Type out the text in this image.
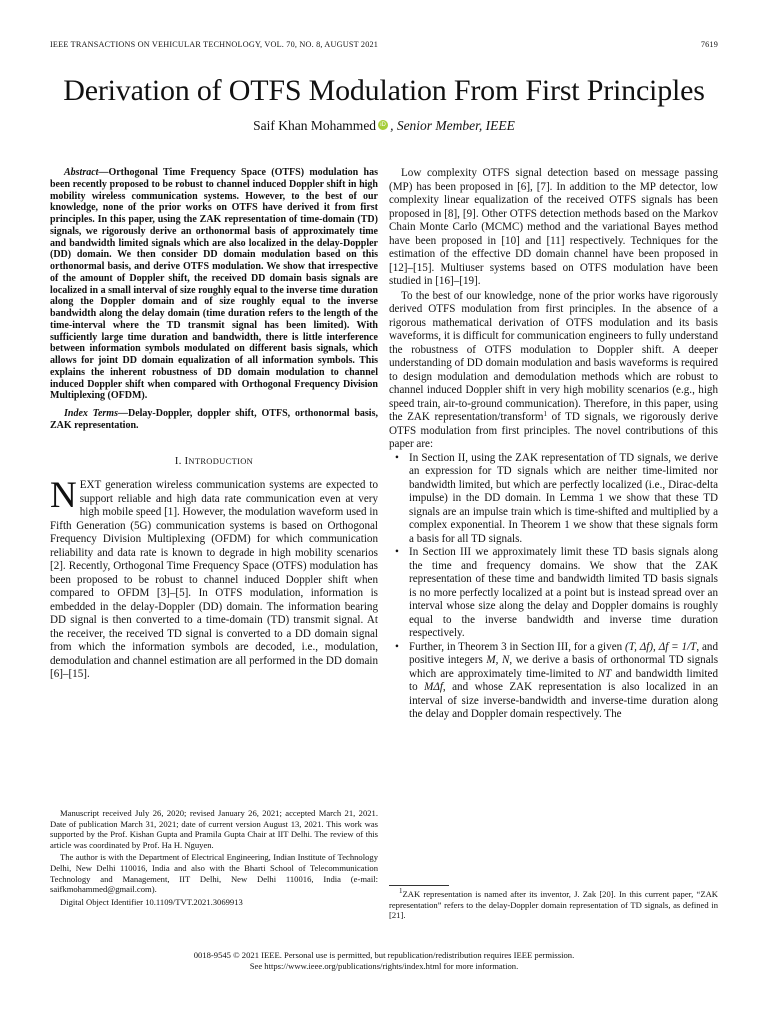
IEEE TRANSACTIONS ON VEHICULAR TECHNOLOGY, VOL. 70, NO. 8, AUGUST 2021	7619
Derivation of OTFS Modulation From First Principles
Saif Khan Mohammed iD , Senior Member, IEEE

Abstract—Orthogonal Time Frequency Space (OTFS) modulation has been recently proposed to be robust to channel induced Doppler shift in high mobility wireless communication systems. However, to the best of our knowledge, none of the prior works on OTFS have derived it from first principles. In this paper, using the ZAK representation of time-domain (TD) signals, we rigorously derive an orthonormal basis of approximately time and bandwidth limited signals which are also localized in the delay-Doppler (DD) domain. We then consider DD domain modulation based on this orthonormal basis, and derive OTFS modulation. We show that irrespective of the amount of Doppler shift, the received DD domain basis signals are localized in a small interval of size roughly equal to the inverse time duration along the Doppler domain and of size roughly equal to the inverse bandwidth along the delay domain (time duration refers to the length of the time-interval where the TD transmit signal has been limited). With sufficiently large time duration and bandwidth, there is little interference between information symbols modulated on different basis signals, which allows for joint DD domain equalization of all information symbols. This explains the inherent robustness of DD domain modulation to channel induced Doppler shift when compared with Orthogonal Frequency Division Multiplexing (OFDM).

Index Terms—Delay-Doppler, doppler shift, OTFS, orthonormal basis, ZAK representation.

I. INTRODUCTION

NEXT generation wireless communication systems are expected to support reliable and high data rate communication even at very high mobile speed [1]. However, the modulation waveform used in Fifth Generation (5G) communication systems is based on Orthogonal Frequency Division Multiplexing (OFDM) for which communication reliability and data rate is known to degrade in high mobility scenarios [2]. Recently, Orthogonal Time Frequency Space (OTFS) modulation has been proposed to be robust to channel induced Doppler shift when compared to OFDM [3]–[5]. In OTFS modulation, information is embedded in the delay-Doppler (DD) domain. The information bearing DD signal is then converted to a time-domain (TD) transmit signal. At the receiver, the received TD signal is converted to a DD domain signal from which the information symbols are decoded, i.e., modulation, demodulation and channel estimation are all performed in the DD domain [6]–[15].

Manuscript received July 26, 2020; revised January 26, 2021; accepted March 21, 2021. Date of publication March 31, 2021; date of current version August 13, 2021. This work was supported by the Prof. Kishan Gupta and Pramila Gupta Chair at IIT Delhi. The review of this article was coordinated by Prof. Ha H. Nguyen.

The author is with the Department of Electrical Engineering, Indian Institute of Technology Delhi, New Delhi 110016, India and also with the Bharti School of Telecommunication Technology and Management, IIT Delhi, New Delhi 110016, India (e-mail: saifkmohammed@gmail.com).

Digital Object Identifier 10.1109/TVT.2021.3069913

Low complexity OTFS signal detection based on message passing (MP) has been proposed in [6], [7]. In addition to the MP detector, low complexity linear equalization of the received OTFS signals has been proposed in [8], [9]. Other OTFS detection methods based on the Markov Chain Monte Carlo (MCMC) method and the variational Bayes method have been proposed in [10] and [11] respectively. Techniques for the estimation of the effective DD domain channel have been proposed in [12]–[15]. Multiuser systems based on OTFS modulation have been studied in [16]–[19].

To the best of our knowledge, none of the prior works have rigorously derived OTFS modulation from first principles. In the absence of a rigorous mathematical derivation of OTFS modulation and its basis waveforms, it is difficult for communication engineers to fully understand the robustness of OTFS modulation to Doppler shift. A deeper understanding of DD domain modulation and basis waveforms is required to design modulation and demodulation methods which are robust to channel induced Doppler shift in very high mobility scenarios (e.g., high speed train, air-to-ground communication). Therefore, in this paper, using the ZAK representation/transform$^1$ of TD signals, we rigorously derive OTFS modulation from first principles. The novel contributions of this paper are:

• In Section II, using the ZAK representation of TD signals, we derive an expression for TD signals which are neither time-limited nor bandwidth limited, but which are perfectly localized (i.e., Dirac-delta impulse) in the DD domain. In Lemma 1 we show that these TD signals are an impulse train which is time-shifted and multiplied by a complex exponential. In Theorem 1 we show that these signals form a basis for all TD signals.
• In Section III we approximately limit these TD basis signals along the time and frequency domains. We show that the ZAK representation of these time and bandwidth limited TD basis signals is no more perfectly localized at a point but is instead spread over an interval whose size along the delay and Doppler domains is roughly equal to the inverse bandwidth and inverse time duration respectively.
• Further, in Theorem 3 in Section III, for a given (T, Δf), Δf = 1/T, and positive integers M, N, we derive a basis of orthonormal TD signals which are approximately time-limited to NT and bandwidth limited to MΔf, and whose ZAK representation is also localized in an interval of size inverse-bandwidth and inverse-time duration along the delay and Doppler domain respectively. The

$^1$ZAK representation is named after its inventor, J. Zak [20]. In this current paper, “ZAK representation” refers to the delay-Doppler domain representation of TD signals, as defined in [21].

0018-9545 © 2021 IEEE. Personal use is permitted, but republication/redistribution requires IEEE permission.
See https://www.ieee.org/publications/rights/index.html for more information.
